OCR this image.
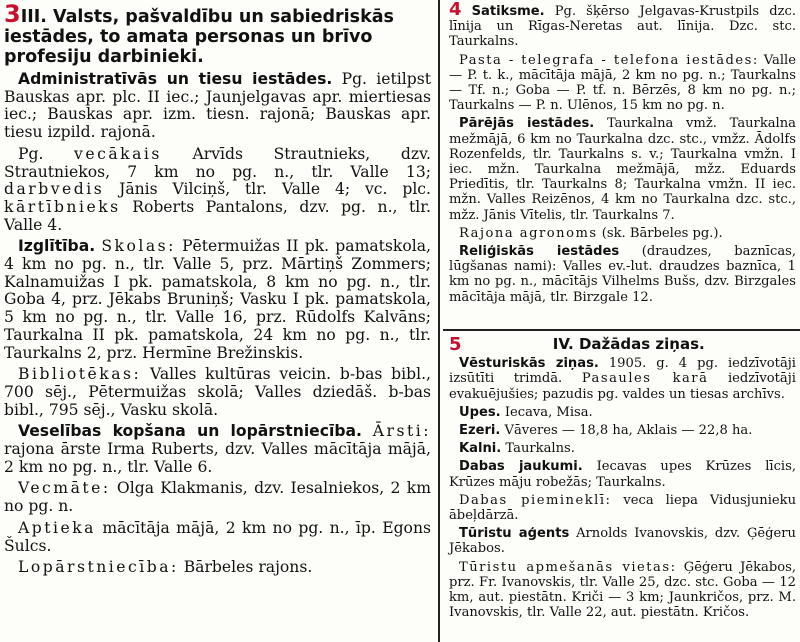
3III. Valsts, pašvaldību un sabiedriskās iestādes, to amata personas un brīvo profesiju darbinieki.

Administratīvās un tiesu iestādes. Pg. ietilpst Bauskas apr. plc. II iec.; Jaunjelgavas apr. miertiesas iec.; Bauskas apr. izm. tiesn. rajonā; Bauskas apr. tiesu izpild. rajonā.

Pg. vecākais Arvīds Strautnieks, dzv. Strautniekos, 7 km no pg. n., tlr. Valle 13; darbvedis Jānis Vilciņš, tlr. Valle 4; vc. plc. kārtībnieks Roberts Pantalons, dzv. pg. n., tlr. Valle 4.

Izglītība. Skolas: Pētermuižas II pk. pamatskola, 4 km no pg. n., tlr. Valle 5, prz. Mārtiņš Zommers; Kalnamuižas I pk. pamatskola, 8 km no pg. n., tlr. Goba 4, prz. Jēkabs Bruniņš; Vasku I pk. pamatskola, 5 km no pg. n., tlr. Valle 16, prz. Rūdolfs Kalvāns; Taurkalna II pk. pamatskola, 24 km no pg. n., tlr. Taurkalns 2, prz. Hermīne Brežinskis.

Bibliotēkas: Valles kultūras veicin. b-bas bibl., 700 sēj., Pētermuižas skolā; Valles dziedāš. b-bas bibl., 795 sēj., Vasku skolā.

Veselības kopšana un lopārstniecība. Ārsti: rajona ārste Irma Ruberts, dzv. Valles mācītāja mājā, 2 km no pg. n., tlr. Valle 6.

Vecmāte: Olga Klakmanis, dzv. Iesalniekos, 2 km no pg. n.

Aptieka mācītāja mājā, 2 km no pg. n., īp. Egons Šulcs.

Lopārstniecība: Bārbeles rajons.

4 Satiksme. Pg. šķērso Jelgavas-Krustpils dzc. līnija un Rīgas-Neretas aut. līnija. Dzc. stc. Taurkalns.

Pasta - telegrafa - telefona iestādes: Valle — P. t. k., mācītāja mājā, 2 km no pg. n.; Taurkalns — Tf. n.; Goba — P. tf. n. Bērzēs, 8 km no pg. n.; Taurkalns — P. n. Ulēnos, 15 km no pg. n.

Pārējās iestādes. Taurkalna vmž. Taurkalna mežmājā, 6 km no Taurkalna dzc. stc., vmžz. Ādolfs Rozenfelds, tlr. Taurkalns s. v.; Taurkalna vmžn. I iec. mžn. Taurkalna mežmājā, mžz. Eduards Priedītis, tlr. Taurkalns 8; Taurkalna vmžn. II iec. mžn. Valles Reizēnos, 4 km no Taurkalna dzc. stc., mžz. Jānis Vītelis, tlr. Taurkalns 7.

Rajona agronoms (sk. Bārbeles pg.).

Reliģiskās iestādes (draudzes, baznīcas, lūgšanas nami): Valles ev.-lut. draudzes baznīca, 1 km no pg. n., mācītājs Vilhelms Bušs, dzv. Birzgales mācītāja mājā, tlr. Birzgale 12.

5	IV. Dažādas ziņas.

Vēsturiskās ziņas. 1905. g. 4 pg. iedzīvotāji izsūtīti trimdā. Pasaules karā iedzīvotāji evakuējušies; pazudis pg. valdes un tiesas archīvs.

Upes. Iecava, Misa.

Ezeri. Vāveres — 18,8 ha, Aklais — 22,8 ha.

Kalni. Taurkalns.

Dabas jaukumi. Iecavas upes Krūzes līcis, Krūzes māju robežās; Taurkalns.

Dabas piemineklī: veca liepa Vidusjunieku ābeļdārzā.

Tūristu aģents Arnolds Ivanovskis, dzv. Ģēģeru Jēkabos.

Tūristu apmešanās vietas: Ģēģeru Jēkabos, prz. Fr. Ivanovskis, tlr. Valle 25, dzc. stc. Goba — 12 km, aut. piestātn. Kriči — 3 km; Jaunkričos, prz. M. Ivanovskis, tlr. Valle 22, aut. piestātn. Kričos.
